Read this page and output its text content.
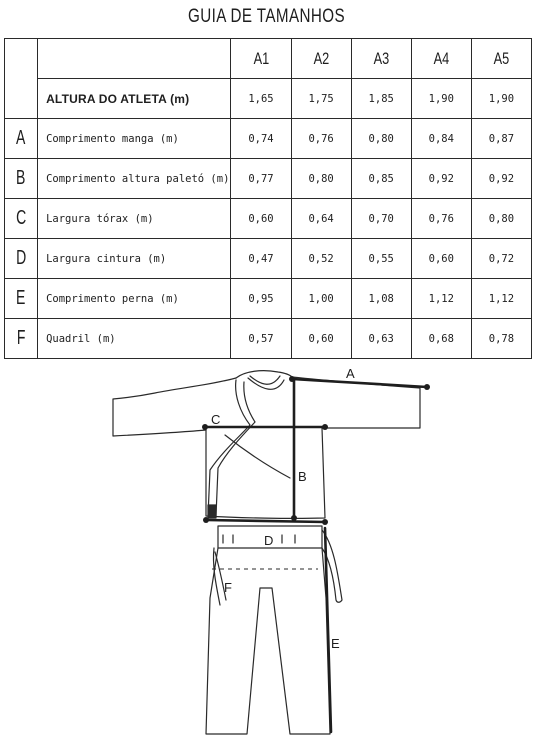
GUIA DE TAMANHOS
		A1	A2	A3	A4	A5
	ALTURA DO ATLETA (m)	1,65	1,75	1,85	1,90	1,90
A	Comprimento manga (m)	0,74	0,76	0,80	0,84	0,87
B	Comprimento altura paletó (m)	0,77	0,80	0,85	0,92	0,92
C	Largura tórax (m)	0,60	0,64	0,70	0,76	0,80
D	Largura cintura (m)	0,47	0,52	0,55	0,60	0,72
E	Comprimento perna (m)	0,95	1,00	1,08	1,12	1,12
F	Quadril (m)	0,57	0,60	0,63	0,68	0,78
A
B
C
D
E
F
